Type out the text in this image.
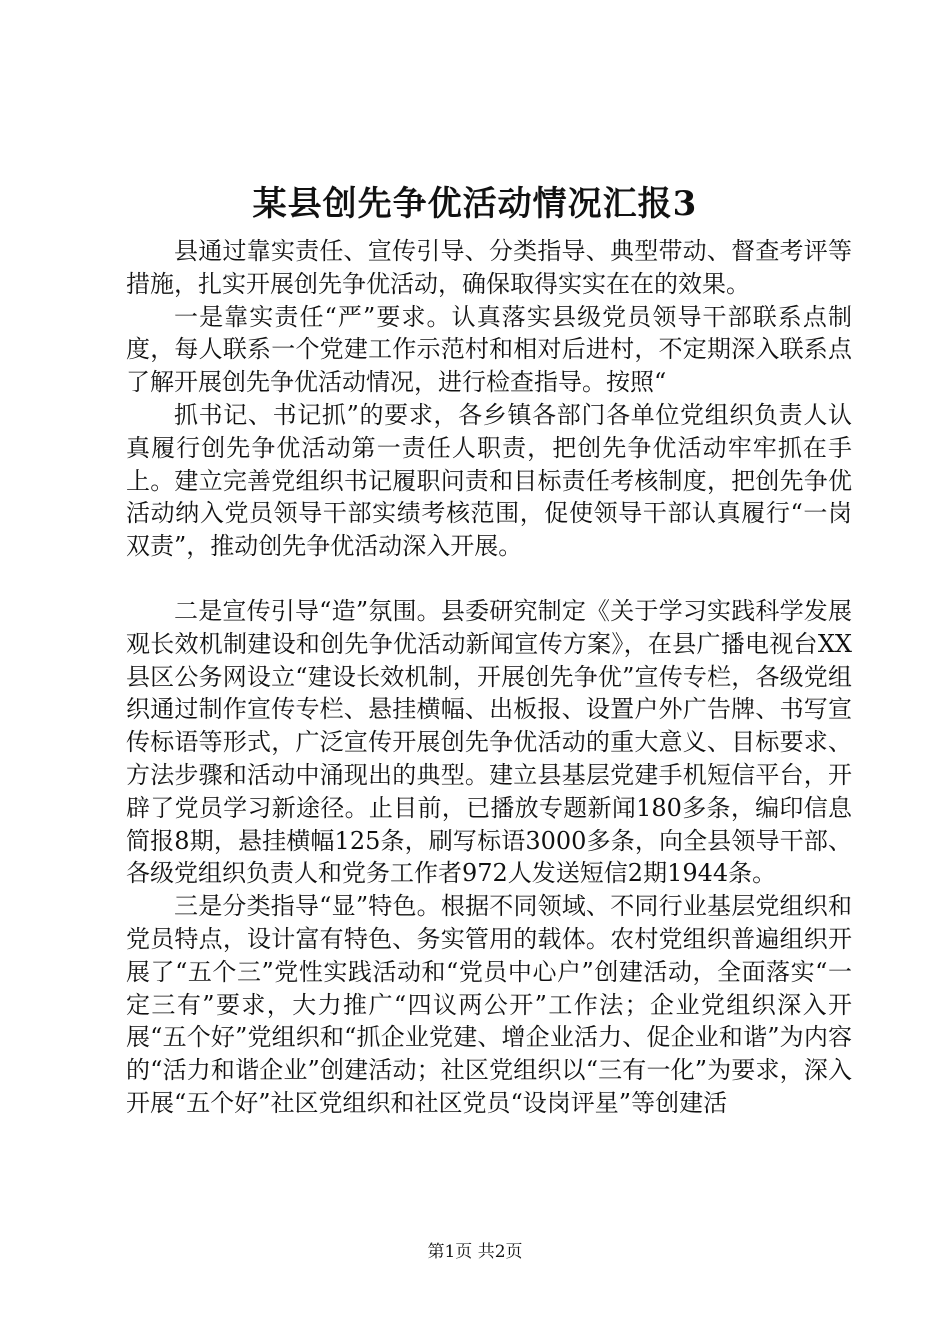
某县创先争优活动情况汇报3

县通过靠实责任、宣传引导、分类指导、典型带动、督查考评等措施，扎实开展创先争优活动，确保取得实实在在的效果。

一是靠实责任“严”要求。认真落实县级党员领导干部联系点制度，每人联系一个党建工作示范村和相对后进村，不定期深入联系点了解开展创先争优活动情况，进行检查指导。按照“

抓书记、书记抓”的要求，各乡镇各部门各单位党组织负责人认真履行创先争优活动第一责任人职责，把创先争优活动牢牢抓在手上。建立完善党组织书记履职问责和目标责任考核制度，把创先争优活动纳入党员领导干部实绩考核范围，促使领导干部认真履行“一岗双责”，推动创先争优活动深入开展。

二是宣传引导“造”氛围。县委研究制定《关于学习实践科学发展观长效机制建设和创先争优活动新闻宣传方案》，在县广播电视台XX县区公务网设立“建设长效机制，开展创先争优”宣传专栏，各级党组织通过制作宣传专栏、悬挂横幅、出板报、设置户外广告牌、书写宣传标语等形式，广泛宣传开展创先争优活动的重大意义、目标要求、方法步骤和活动中涌现出的典型。建立县基层党建手机短信平台，开辟了党员学习新途径。止目前，已播放专题新闻180多条，编印信息简报8期，悬挂横幅125条，刷写标语3000多条，向全县领导干部、各级党组织负责人和党务工作者972人发送短信2期1944条。

三是分类指导“显”特色。根据不同领域、不同行业基层党组织和党员特点，设计富有特色、务实管用的载体。农村党组织普遍组织开展了“五个三”党性实践活动和“党员中心户”创建活动，全面落实“一定三有”要求，大力推广“四议两公开”工作法；企业党组织深入开展“五个好”党组织和“抓企业党建、增企业活力、促企业和谐”为内容的“活力和谐企业”创建活动；社区党组织以“三有一化”为要求，深入开展“五个好”社区党组织和社区党员“设岗评星”等创建活

第1页 共2页
